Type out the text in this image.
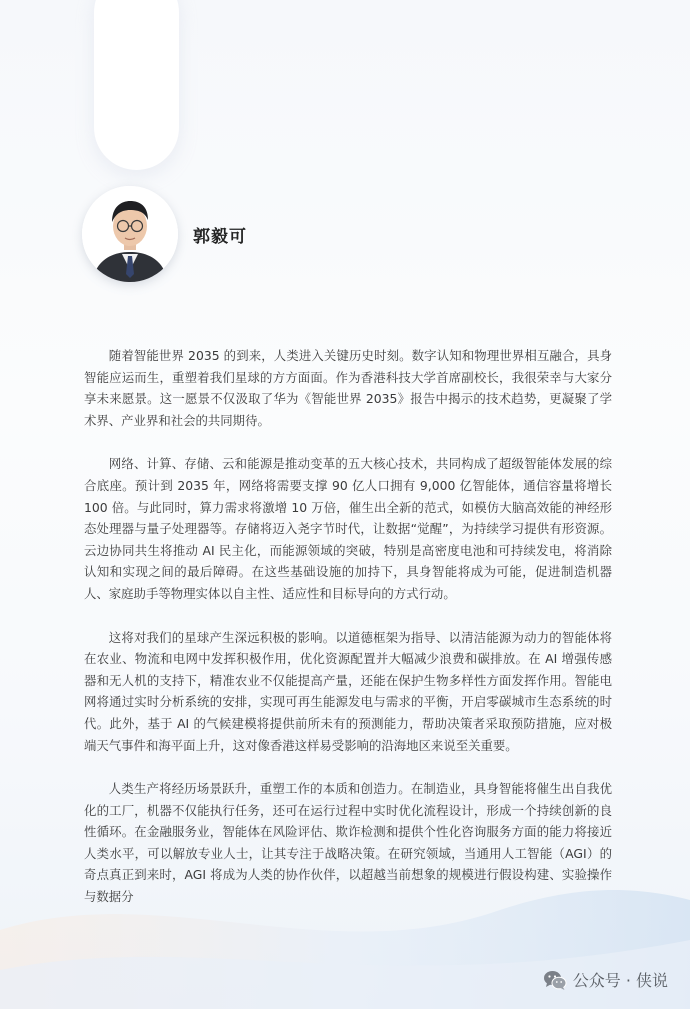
郭毅可

随着智能世界 2035 的到来，人类进入关键历史时刻。数字认知和物理世界相互融合，具身智能应运而生，重塑着我们星球的方方面面。作为香港科技大学首席副校长，我很荣幸与大家分享未来愿景。这一愿景不仅汲取了华为《智能世界 2035》报告中揭示的技术趋势，更凝聚了学术界、产业界和社会的共同期待。

网络、计算、存储、云和能源是推动变革的五大核心技术，共同构成了超级智能体发展的综合底座。预计到 2035 年，网络将需要支撑 90 亿人口拥有 9,000 亿智能体，通信容量将增长 100 倍。与此同时，算力需求将激增 10 万倍，催生出全新的范式，如模仿大脑高效能的神经形态处理器与量子处理器等。存储将迈入尧字节时代，让数据“觉醒”，为持续学习提供有形资源。云边协同共生将推动 AI 民主化，而能源领域的突破，特别是高密度电池和可持续发电，将消除认知和实现之间的最后障碍。在这些基础设施的加持下，具身智能将成为可能，促进制造机器人、家庭助手等物理实体以自主性、适应性和目标导向的方式行动。

这将对我们的星球产生深远积极的影响。以道德框架为指导、以清洁能源为动力的智能体将在农业、物流和电网中发挥积极作用，优化资源配置并大幅减少浪费和碳排放。在 AI 增强传感器和无人机的支持下，精准农业不仅能提高产量，还能在保护生物多样性方面发挥作用。智能电网将通过实时分析系统的安排，实现可再生能源发电与需求的平衡，开启零碳城市生态系统的时代。此外，基于 AI 的气候建模将提供前所未有的预测能力，帮助决策者采取预防措施，应对极端天气事件和海平面上升，这对像香港这样易受影响的沿海地区来说至关重要。

人类生产将经历场景跃升，重塑工作的本质和创造力。在制造业，具身智能将催生出自我优化的工厂，机器不仅能执行任务，还可在运行过程中实时优化流程设计，形成一个持续创新的良性循环。在金融服务业，智能体在风险评估、欺诈检测和提供个性化咨询服务方面的能力将接近人类水平，可以解放专业人士，让其专注于战略决策。在研究领域，当通用人工智能（AGI）的奇点真正到来时，AGI 将成为人类的协作伙伴，以超越当前想象的规模进行假设构建、实验操作与数据分

公众号 · 侠说
